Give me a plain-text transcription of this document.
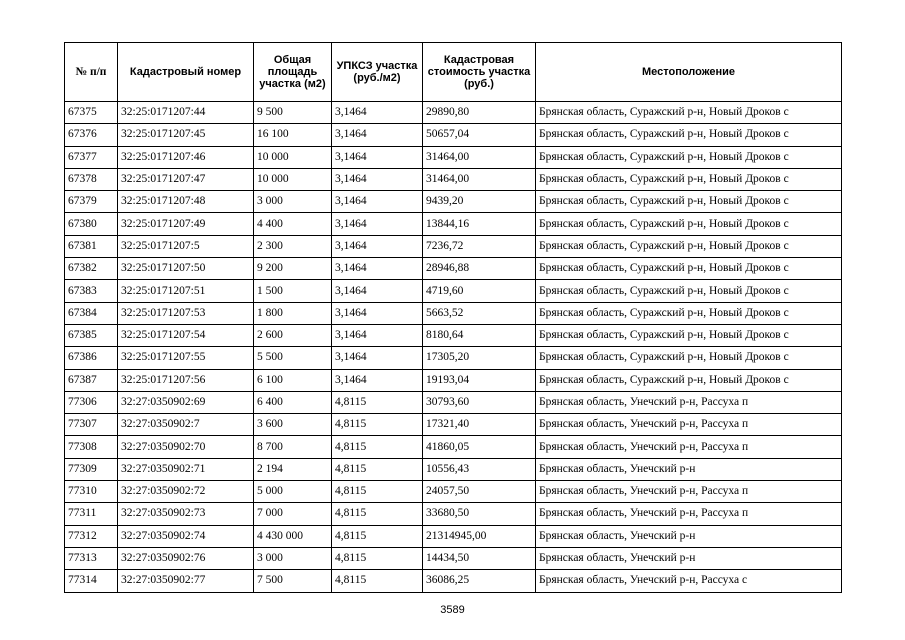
№ п/п	Кадастровый номер	Общая площадь участка (м2)	УПКСЗ участка (руб./м2)	Кадастровая стоимость участка (руб.)	Местоположение
67375	32:25:0171207:44	9 500	3,1464	29890,80	Брянская область, Суражский р-н, Новый Дроков с
67376	32:25:0171207:45	16 100	3,1464	50657,04	Брянская область, Суражский р-н, Новый Дроков с
67377	32:25:0171207:46	10 000	3,1464	31464,00	Брянская область, Суражский р-н, Новый Дроков с
67378	32:25:0171207:47	10 000	3,1464	31464,00	Брянская область, Суражский р-н, Новый Дроков с
67379	32:25:0171207:48	3 000	3,1464	9439,20	Брянская область, Суражский р-н, Новый Дроков с
67380	32:25:0171207:49	4 400	3,1464	13844,16	Брянская область, Суражский р-н, Новый Дроков с
67381	32:25:0171207:5	2 300	3,1464	7236,72	Брянская область, Суражский р-н, Новый Дроков с
67382	32:25:0171207:50	9 200	3,1464	28946,88	Брянская область, Суражский р-н, Новый Дроков с
67383	32:25:0171207:51	1 500	3,1464	4719,60	Брянская область, Суражский р-н, Новый Дроков с
67384	32:25:0171207:53	1 800	3,1464	5663,52	Брянская область, Суражский р-н, Новый Дроков с
67385	32:25:0171207:54	2 600	3,1464	8180,64	Брянская область, Суражский р-н, Новый Дроков с
67386	32:25:0171207:55	5 500	3,1464	17305,20	Брянская область, Суражский р-н, Новый Дроков с
67387	32:25:0171207:56	6 100	3,1464	19193,04	Брянская область, Суражский р-н, Новый Дроков с
77306	32:27:0350902:69	6 400	4,8115	30793,60	Брянская область, Унечский р-н, Рассуха п
77307	32:27:0350902:7	3 600	4,8115	17321,40	Брянская область, Унечский р-н, Рассуха п
77308	32:27:0350902:70	8 700	4,8115	41860,05	Брянская область, Унечский р-н, Рассуха п
77309	32:27:0350902:71	2 194	4,8115	10556,43	Брянская область, Унечский р-н
77310	32:27:0350902:72	5 000	4,8115	24057,50	Брянская область, Унечский р-н, Рассуха п
77311	32:27:0350902:73	7 000	4,8115	33680,50	Брянская область, Унечский р-н, Рассуха п
77312	32:27:0350902:74	4 430 000	4,8115	21314945,00	Брянская область, Унечский р-н
77313	32:27:0350902:76	3 000	4,8115	14434,50	Брянская область, Унечский р-н
77314	32:27:0350902:77	7 500	4,8115	36086,25	Брянская область, Унечский р-н, Рассуха с
3589
